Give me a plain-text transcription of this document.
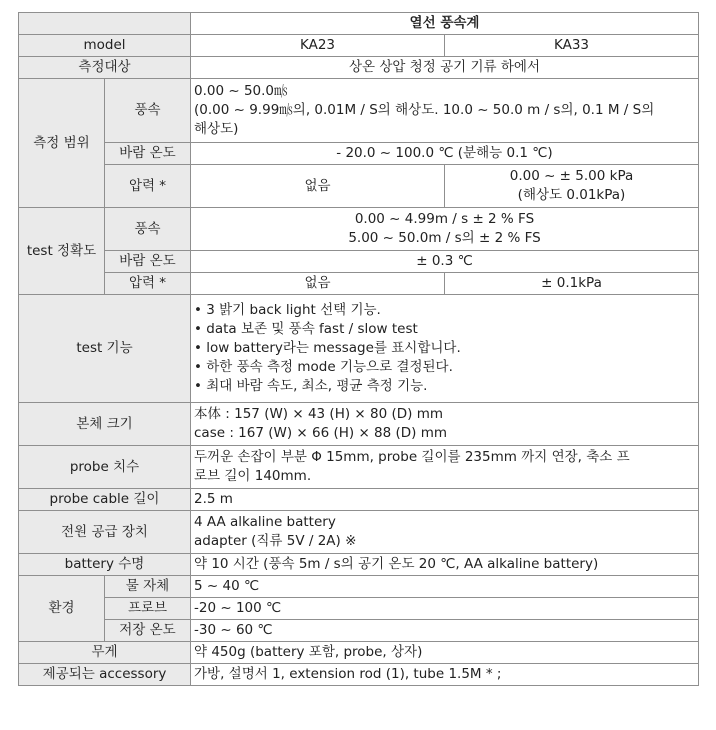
		열선 풍속계	
model		KA23	KA33
측정대상		상온 상압 청정 공기 기류 하에서	
측정 범위	풍속	0.00 ~ 50.0㎧
(0.00 ~ 9.99㎧의, 0.01M / S의 해상도. 10.0 ~ 50.0 m / s의, 0.1 M / S의
해상도)	

	바람 온도	- 20.0 ~ 100.0 ℃ (분해능 0.1 ℃)	
	압력 *	없음	0.00 ~ ± 5.00 kPa
(해상도 0.01kPa)

test 정확도	풍속	0.00 ~ 4.99m / s ± 2 % FS
5.00 ~ 50.0m / s의 ± 2 % FS	

	바람 온도	± 0.3 ℃	
	압력 *	없음	± 0.1kPa
test 기능		• 3 밝기 back light 선택 기능.
• data 보존 및 풍속 fast / slow test
• low battery라는 message를 표시합니다.
• 하한 풍속 측정 mode 기능으로 결정된다.
• 최대 바람 속도, 최소, 평균 측정 기능.	

본체 크기		本体 : 157 (W) × 43 (H) × 80 (D) mm
case : 167 (W) × 66 (H) × 88 (D) mm	

probe 치수		두꺼운 손잡이 부분 Φ 15mm, probe 길이를 235mm 까지 연장, 축소 프
로브 길이 140mm.	

probe cable 길이		2.5 m	
전원 공급 장치		4 AA alkaline battery
adapter (직류 5V / 2A) ※	

battery 수명		약 10 시간 (풍속 5m / s의 공기 온도 20 ℃, AA alkaline battery)	
환경	물 자체	5 ~ 40 ℃	
	프로브	-20 ~ 100 ℃	
	저장 온도	-30 ~ 60 ℃	
무게		약 450g (battery 포함, probe, 상자)	
제공되는 accessory		가방, 설명서 1, extension rod (1), tube 1.5M * ;	
